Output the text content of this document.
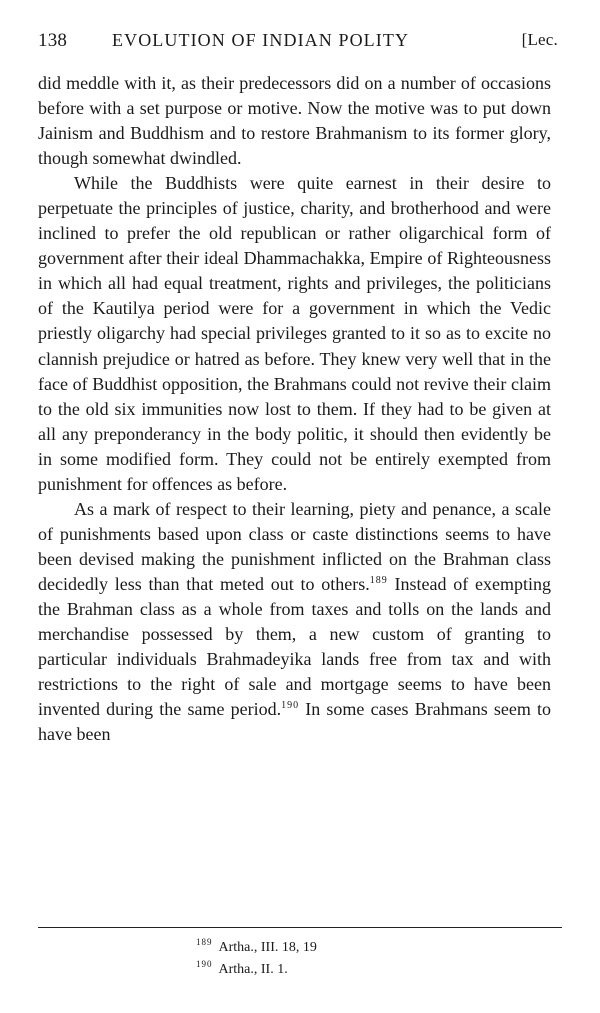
138 EVOLUTION OF INDIAN POLITY	[Lec.

did meddle with it, as their predecessors did on a number of occasions before with a set purpose or motive. Now the motive was to put down Jainism and Buddhism and to restore Brahmanism to its former glory, though somewhat dwindled.

While the Buddhists were quite earnest in their desire to perpetuate the principles of justice, charity, and brotherhood and were inclined to prefer the old republican or rather oligarchical form of government after their ideal Dhammachakka, Empire of Righteousness in which all had equal treatment, rights and privileges, the politicians of the Kautilya period were for a government in which the Vedic priestly oligarchy had special privileges granted to it so as to excite no clannish prejudice or hatred as before. They knew very well that in the face of Buddhist opposition, the Brahmans could not revive their claim to the old six immunities now lost to them. If they had to be given at all any preponderancy in the body politic, it should then evidently be in some modified form. They could not be entirely exempted from punishment for offences as before.

As a mark of respect to their learning, piety and penance, a scale of punishments based upon class or caste distinctions seems to have been devised making the punishment inflicted on the Brahman class decidedly less than that meted out to others.$^{189}$ Instead of exempting the Brahman class as a whole from taxes and tolls on the lands and merchandise possessed by them, a new custom of granting to particular individuals Brahmadeyika lands free from tax and with restrictions to the right of sale and mortgage seems to have been invented during the same period.$^{190}$ In some cases Brahmans seem to have been

$^{189}$ Artha., III. 18, 19
$^{190}$ Artha., II. 1.
